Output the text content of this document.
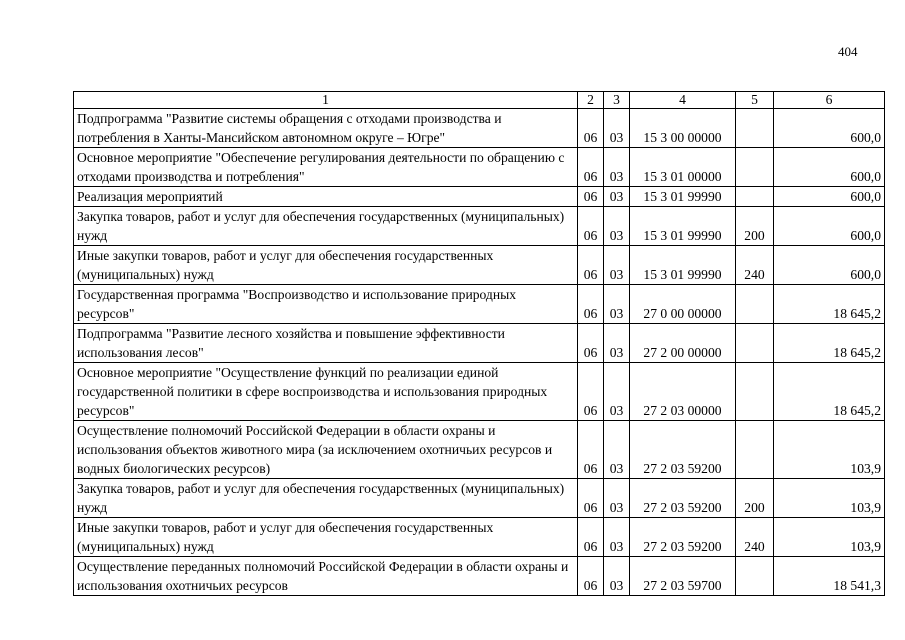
404
1	2	3	4	5	6
Подпрограмма "Развитие системы обращения с отходами производства и потребления в Ханты-Мансийском автономном округе – Югре"	06	03	15 3 00 00000		600,0
Основное мероприятие "Обеспечение регулирования деятельности по обращению с отходами производства и потребления"	06	03	15 3 01 00000		600,0
Реализация мероприятий	06	03	15 3 01 99990		600,0
Закупка товаров, работ и услуг для обеспечения государственных (муниципальных) нужд	06	03	15 3 01 99990	200	600,0
Иные закупки товаров, работ и услуг для обеспечения государственных (муниципальных) нужд	06	03	15 3 01 99990	240	600,0
Государственная программа "Воспроизводство и использование природных ресурсов"	06	03	27 0 00 00000		18 645,2
Подпрограмма "Развитие лесного хозяйства и повышение эффективности использования лесов"	06	03	27 2 00 00000		18 645,2
Основное мероприятие "Осуществление функций по реализации единой государственной политики в сфере воспроизводства и использования природных ресурсов"	06	03	27 2 03 00000		18 645,2
Осуществление полномочий Российской Федерации в области охраны и использования объектов животного мира (за исключением охотничьих ресурсов и водных биологических ресурсов)	06	03	27 2 03 59200		103,9
Закупка товаров, работ и услуг для обеспечения государственных (муниципальных) нужд	06	03	27 2 03 59200	200	103,9
Иные закупки товаров, работ и услуг для обеспечения государственных (муниципальных) нужд	06	03	27 2 03 59200	240	103,9
Осуществление переданных полномочий Российской Федерации в области охраны и использования охотничьих ресурсов	06	03	27 2 03 59700		18 541,3
